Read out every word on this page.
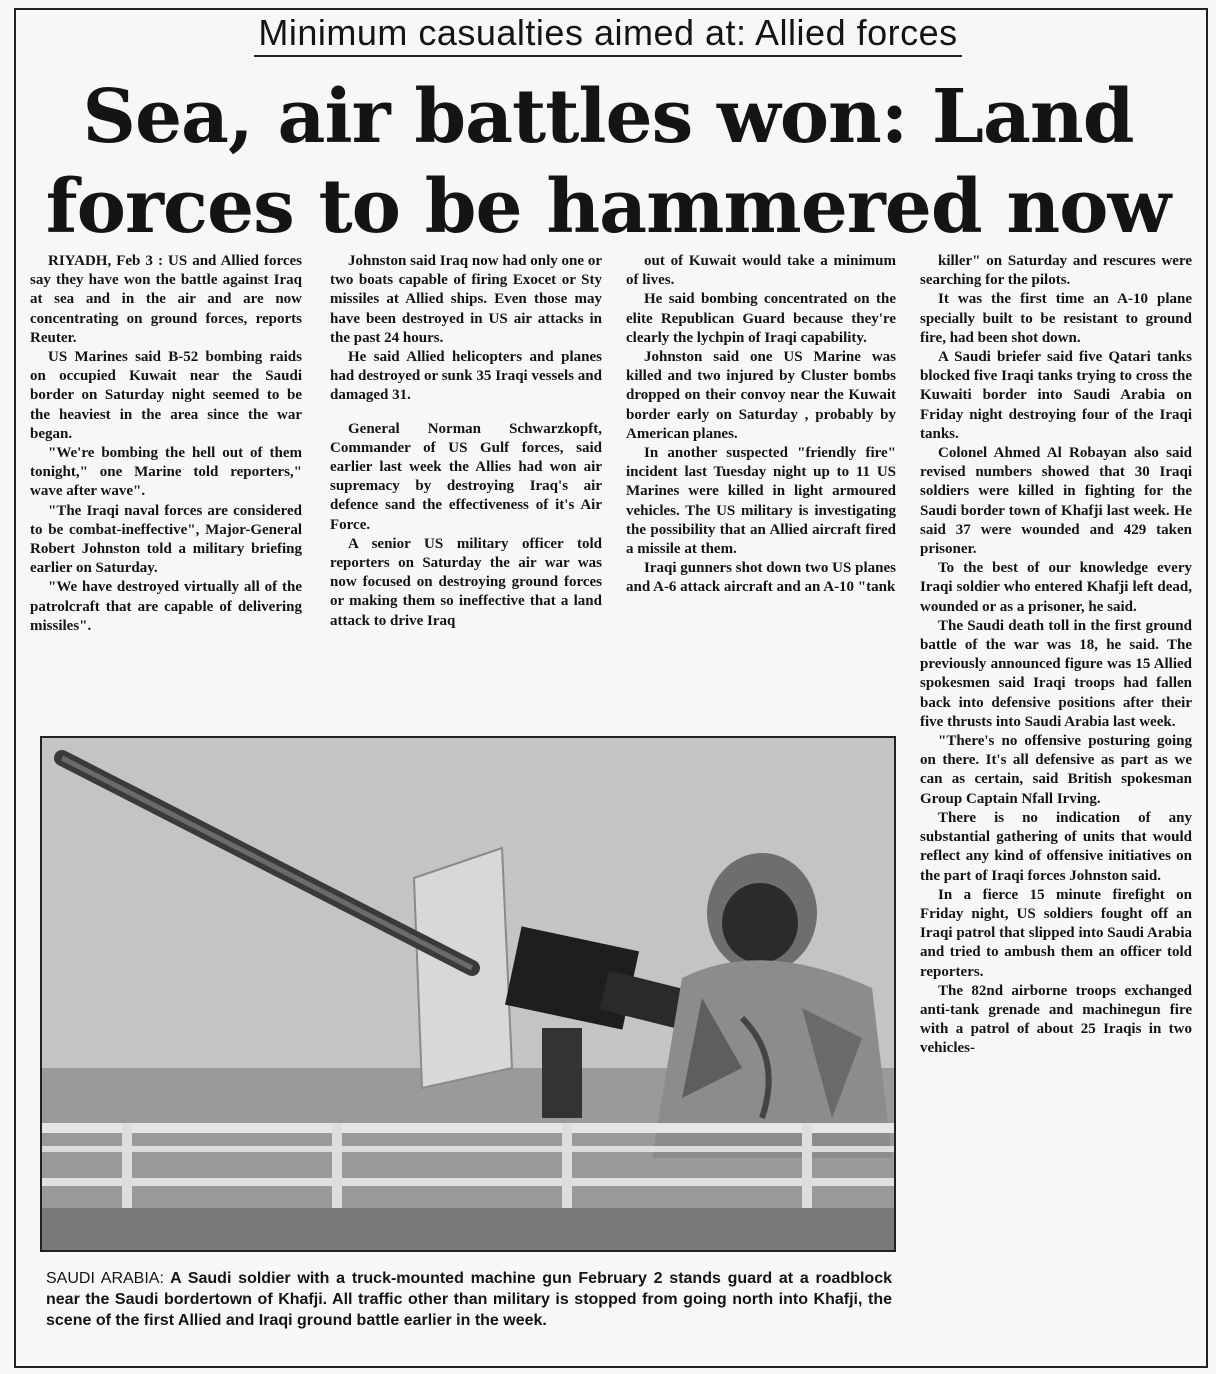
Minimum casualties aimed at: Allied forces
Sea, air battles won: Land forces to be hammered now

RIYADH, Feb 3 : US and Allied forces say they have won the battle against Iraq at sea and in the air and are now concentrating on ground forces, reports Reuter.

US Marines said B-52 bombing raids on occupied Kuwait near the Saudi border on Saturday night seemed to be the heaviest in the area since the war began.

"We're bombing the hell out of them tonight," one Marine told reporters," wave after wave".

"The Iraqi naval forces are considered to be combat-ineffective", Major-General Robert Johnston told a military briefing earlier on Saturday.

"We have destroyed virtually all of the patrolcraft that are capable of delivering missiles".

Johnston said Iraq now had only one or two boats capable of firing Exocet or Sty missiles at Allied ships. Even those may have been destroyed in US air attacks in the past 24 hours.

He said Allied helicopters and planes had destroyed or sunk 35 Iraqi vessels and damaged 31.

General Norman Schwarzkopft, Commander of US Gulf forces, said earlier last week the Allies had won air supremacy by destroying Iraq's air defence sand the effectiveness of it's Air Force.

A senior US military officer told reporters on Saturday the air war was now focused on destroying ground forces or making them so ineffective that a land attack to drive Iraq

out of Kuwait would take a minimum of lives.

He said bombing concentrated on the elite Republican Guard because they're clearly the lychpin of Iraqi capability.

Johnston said one US Marine was killed and two injured by Cluster bombs dropped on their convoy near the Kuwait border early on Saturday , probably by American planes.

In another suspected "friendly fire" incident last Tuesday night up to 11 US Marines were killed in light armoured vehicles. The US military is investigating the possibility that an Allied aircraft fired a missile at them.

Iraqi gunners shot down two US planes and A-6 attack aircraft and an A-10 "tank

killer" on Saturday and rescures were searching for the pilots.

It was the first time an A-10 plane specially built to be resistant to ground fire, had been shot down.

A Saudi briefer said five Qatari tanks blocked five Iraqi tanks trying to cross the Kuwaiti border into Saudi Arabia on Friday night destroying four of the Iraqi tanks.

Colonel Ahmed Al Robayan also said revised numbers showed that 30 Iraqi soldiers were killed in fighting for the Saudi border town of Khafji last week. He said 37 were wounded and 429 taken prisoner.

To the best of our knowledge every Iraqi soldier who entered Khafji left dead, wounded or as a prisoner, he said.

The Saudi death toll in the first ground battle of the war was 18, he said. The previously announced figure was 15 Allied spokesmen said Iraqi troops had fallen back into defensive positions after their five thrusts into Saudi Arabia last week.

"There's no offensive posturing going on there. It's all defensive as part as we can as certain, said British spokesman Group Captain Nfall Irving.

There is no indication of any substantial gathering of units that would reflect any kind of offensive initiatives on the part of Iraqi forces Johnston said.

In a fierce 15 minute firefight on Friday night, US soldiers fought off an Iraqi patrol that slipped into Saudi Arabia and tried to ambush them an officer told reporters.

The 82nd airborne troops exchanged anti-tank grenade and machinegun fire with a patrol of about 25 Iraqis in two vehicles-

SAUDI ARABIA: A Saudi soldier with a truck-mounted machine gun February 2 stands guard at a roadblock near the Saudi bordertown of Khafji. All traffic other than military is stopped from going north into Khafji, the scene of the first Allied and Iraqi ground battle earlier in the week.
